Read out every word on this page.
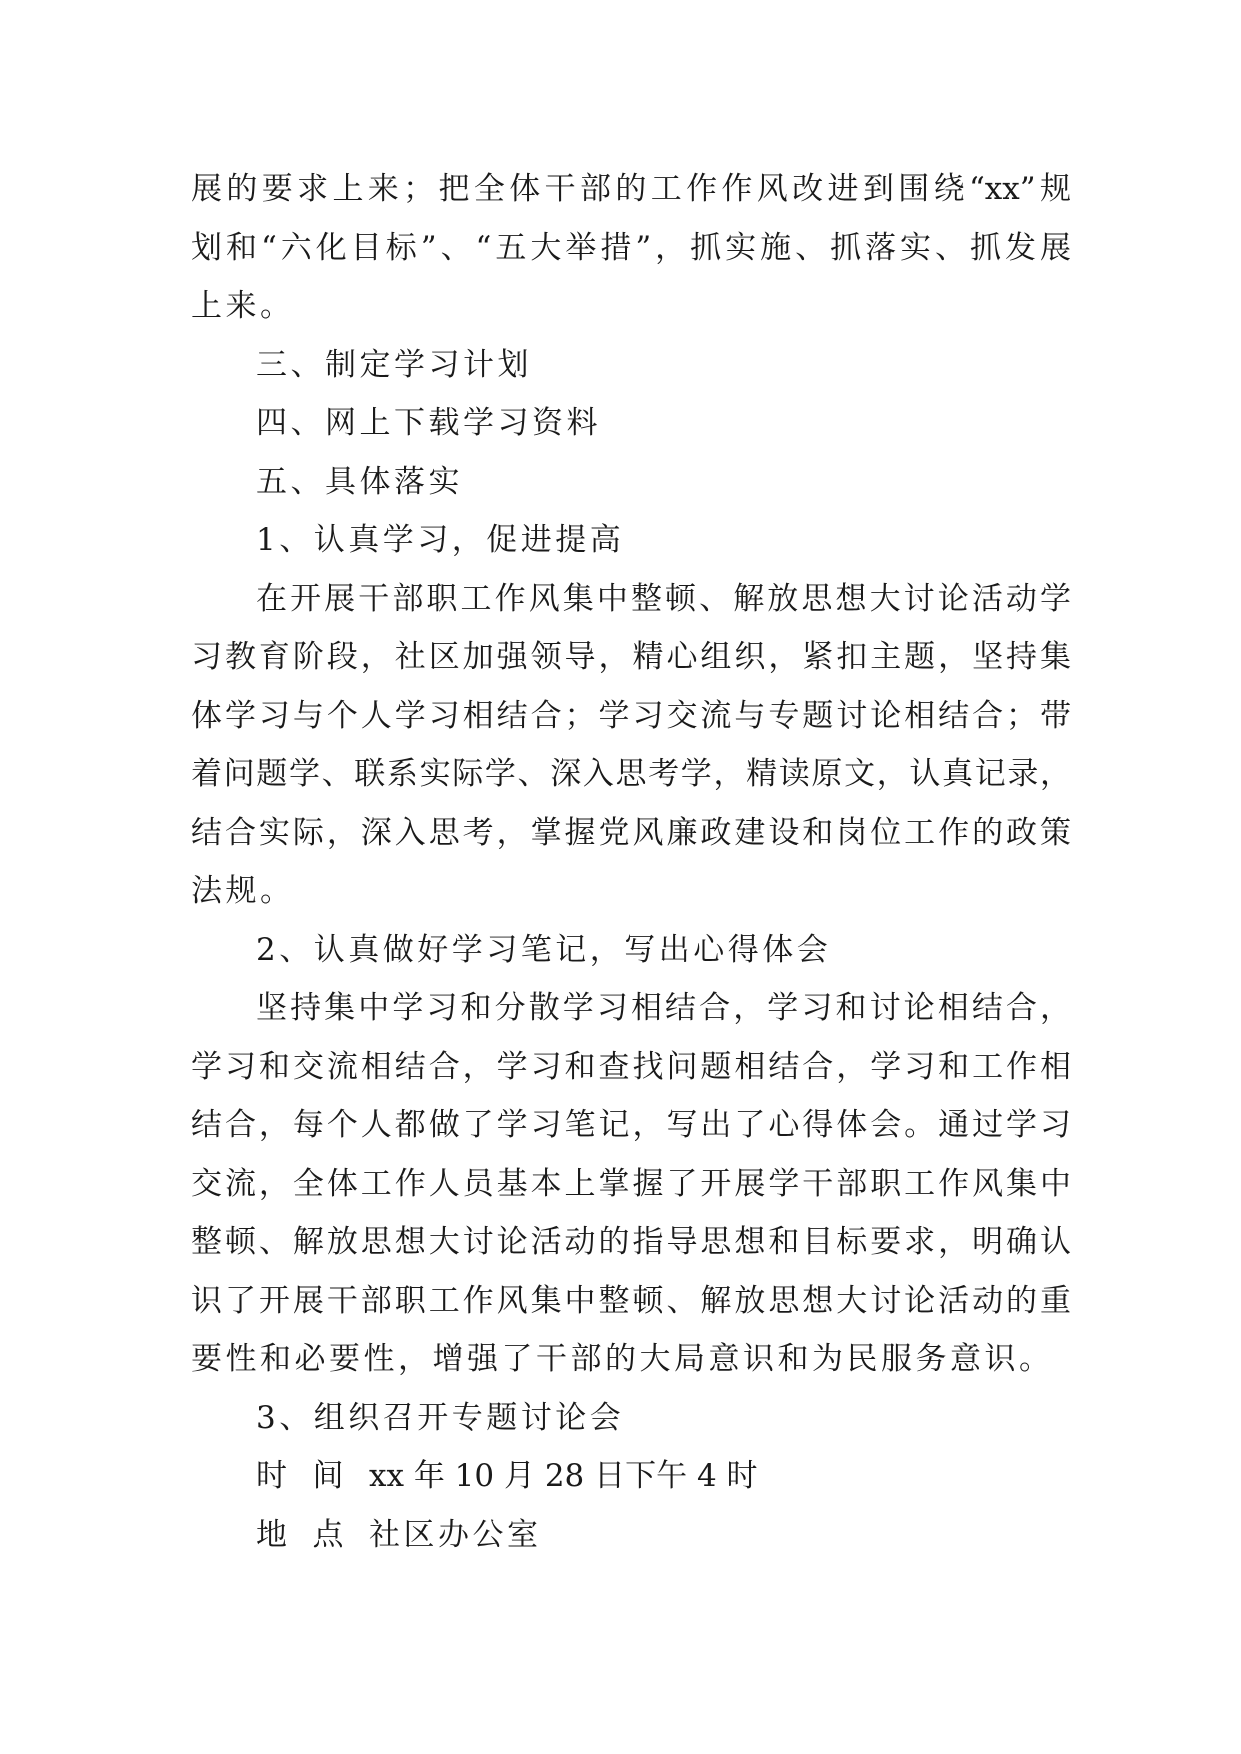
展的要求上来；把全体干部的工作作风改进到围绕“xx”规
划和“六化目标”、“五大举措”，抓实施、抓落实、抓发展
上来。
三、制定学习计划
四、网上下载学习资料
五、具体落实
1、认真学习，促进提高
在开展干部职工作风集中整顿、解放思想大讨论活动学
习教育阶段，社区加强领导，精心组织，紧扣主题，坚持集
体学习与个人学习相结合；学习交流与专题讨论相结合；带
着问题学、联系实际学、深入思考学，精读原文，认真记录，
结合实际，深入思考，掌握党风廉政建设和岗位工作的政策
法规。
2、认真做好学习笔记，写出心得体会
坚持集中学习和分散学习相结合，学习和讨论相结合，
学习和交流相结合，学习和查找问题相结合，学习和工作相
结合，每个人都做了学习笔记，写出了心得体会。通过学习
交流，全体工作人员基本上掌握了开展学干部职工作风集中
整顿、解放思想大讨论活动的指导思想和目标要求，明确认
识了开展干部职工作风集中整顿、解放思想大讨论活动的重
要性和必要性，增强了干部的大局意识和为民服务意识。
3、组织召开专题讨论会
时 间 xx 年 10 月 28 日下午 4 时
地 点 社区办公室
